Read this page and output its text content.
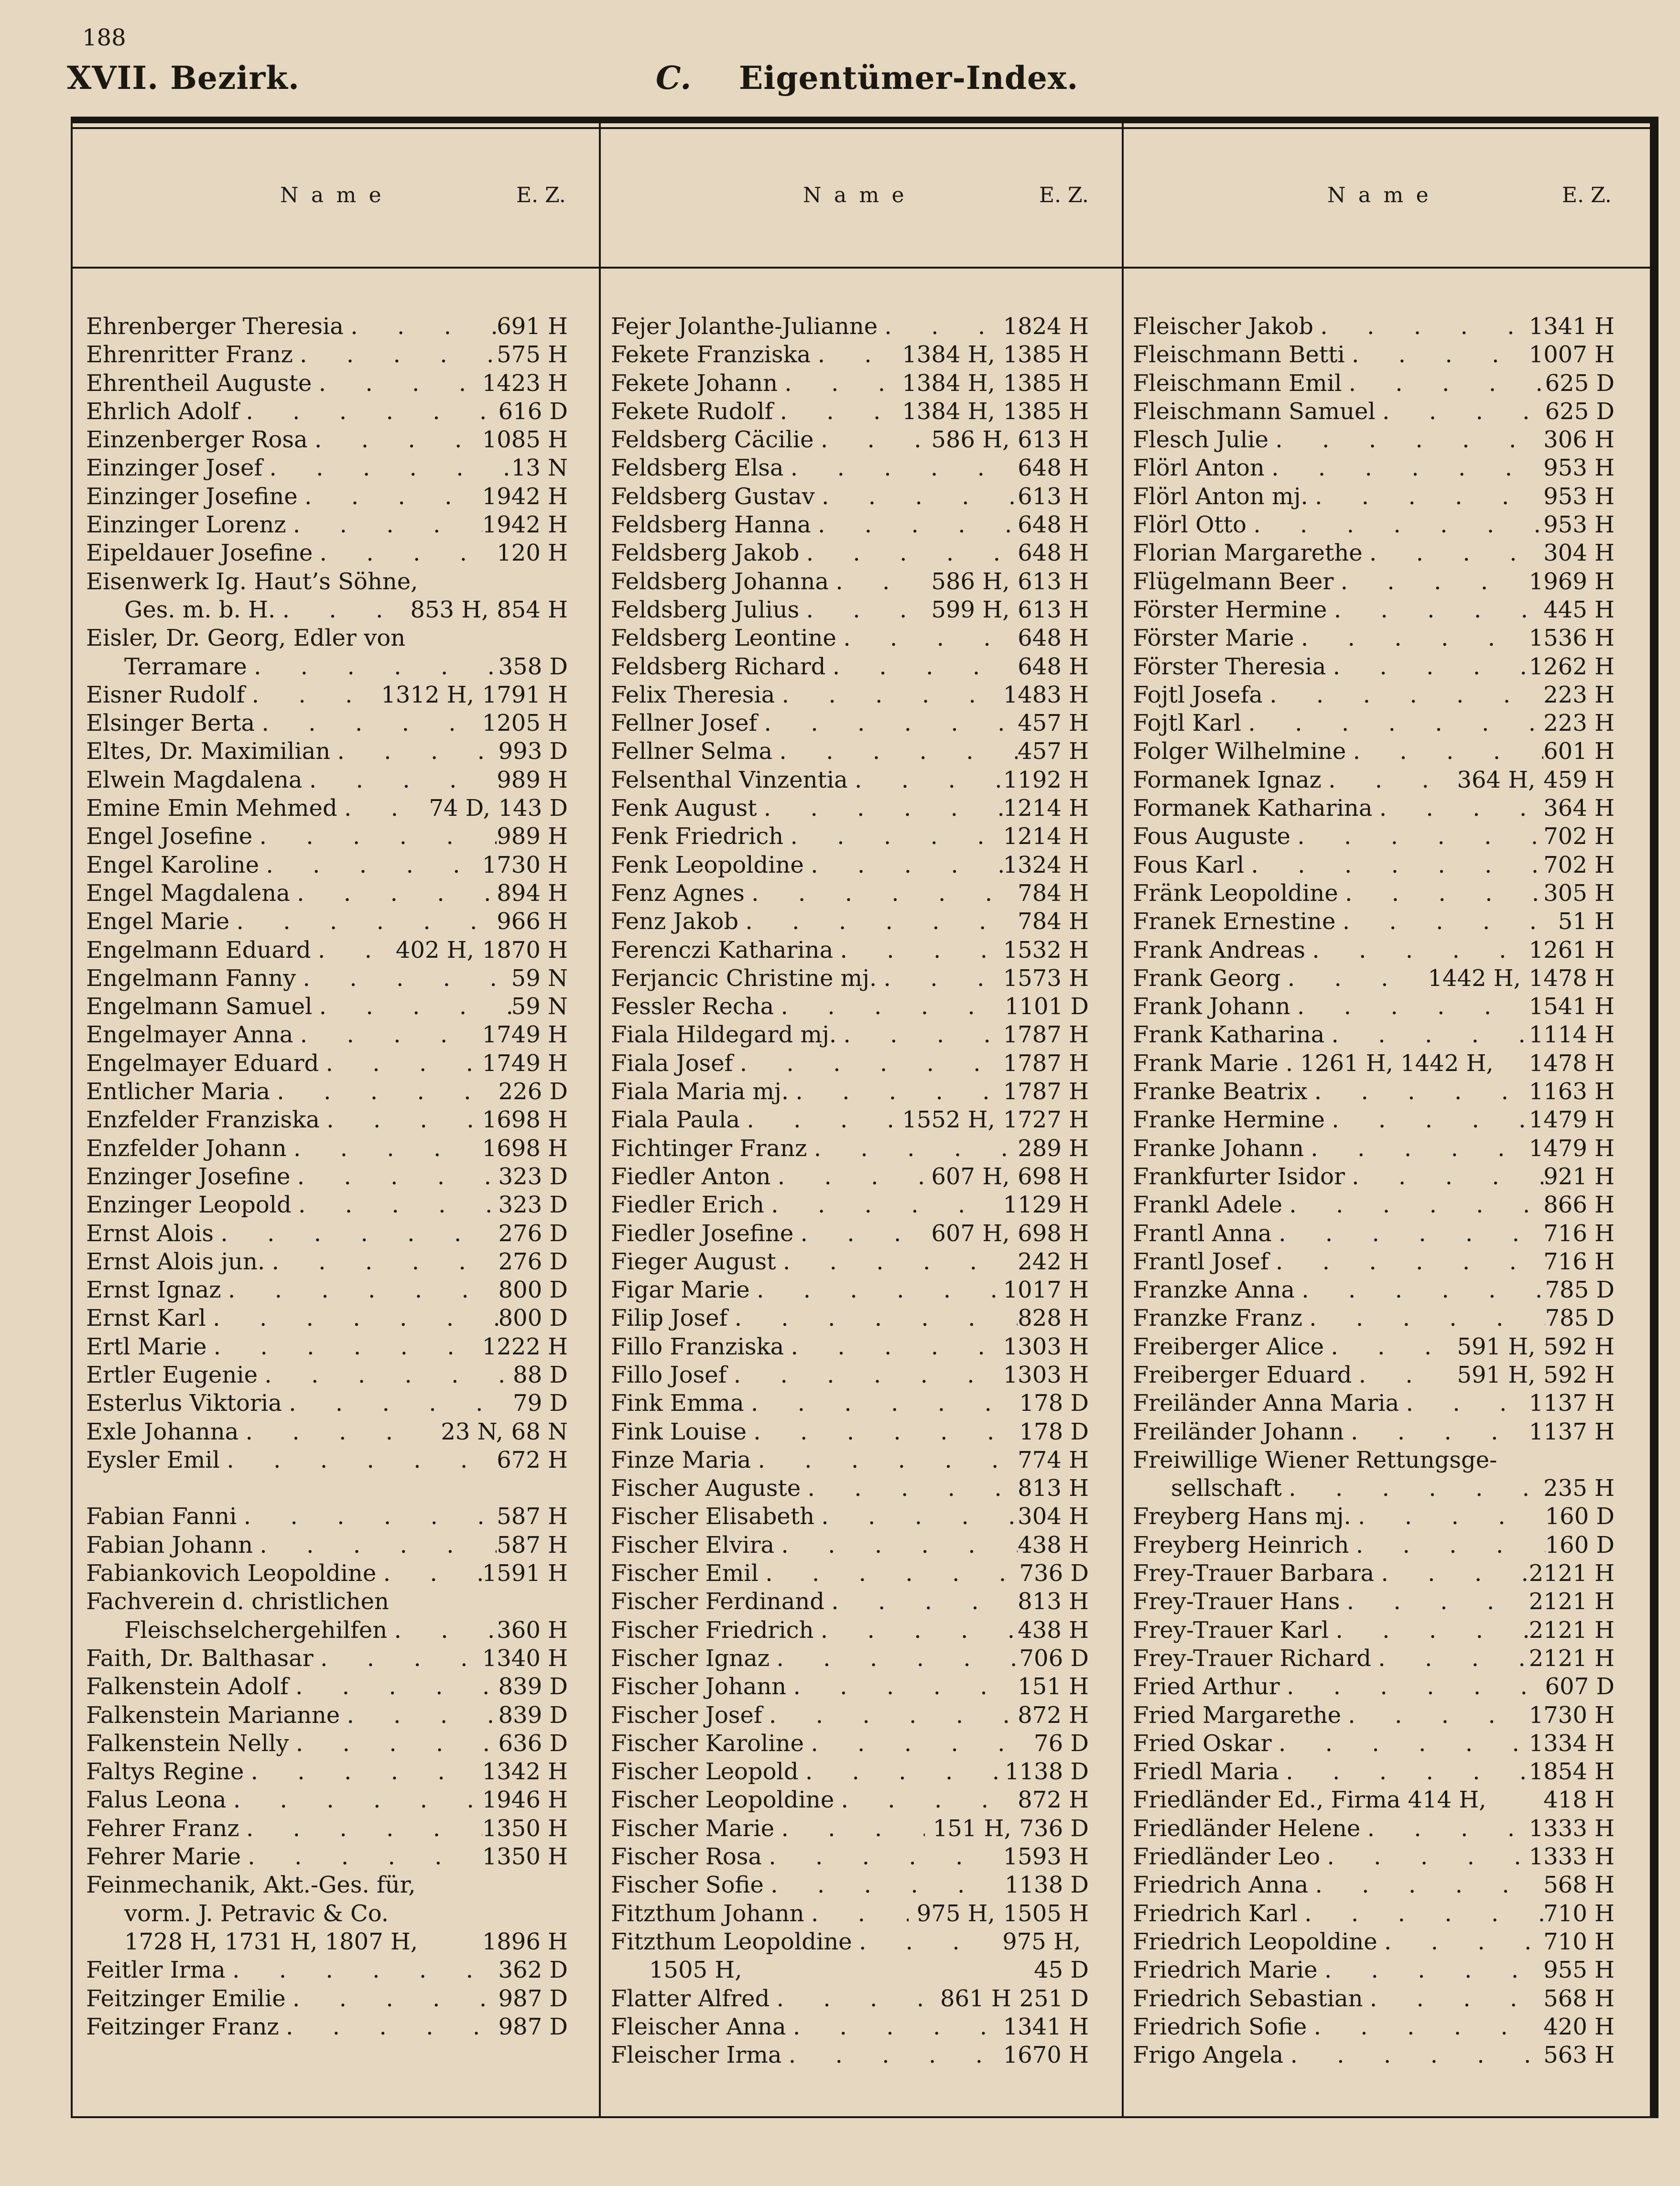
188
XVII. Bezirk.	C. Eigentümer-Index.
Name	E. Z.	Name	E. Z.	Name	E. Z.
Ehrenberger Theresia . . .	691 H
Ehrenritter Franz . . .	575 H
Ehrentheil Auguste . . .	1423 H
Ehrlich Adolf . . .	616 D
Einzenberger Rosa . . .	1085 H
Einzinger Josef . . .	13 N
Einzinger Josefine . . .	1942 H
Einzinger Lorenz . . .	1942 H
Eipeldauer Josefine . . .	120 H
Eisenwerk Ig. Haut’s Söhne,
Ges. m. b. H. . . .	853 H, 854 H
Eisler, Dr. Georg, Edler von
Terramare . . .	358 D
Eisner Rudolf . . .	1312 H, 1791 H
Elsinger Berta . . .	1205 H
Eltes, Dr. Maximilian . . .	993 D
Elwein Magdalena . . .	989 H
Emine Emin Mehmed . . .	74 D, 143 D
Engel Josefine . . .	989 H
Engel Karoline . . .	1730 H
Engel Magdalena . . .	894 H
Engel Marie . . .	966 H
Engelmann Eduard . . .	402 H, 1870 H
Engelmann Fanny . . .	59 N
Engelmann Samuel . . .	59 N
Engelmayer Anna . . .	1749 H
Engelmayer Eduard . . .	1749 H
Entlicher Maria . . .	226 D
Enzfelder Franziska . . .	1698 H
Enzfelder Johann . . .	1698 H
Enzinger Josefine . . .	323 D
Enzinger Leopold . . .	323 D
Ernst Alois . . .	276 D
Ernst Alois jun. . . .	276 D
Ernst Ignaz . . .	800 D
Ernst Karl . . .	800 D
Ertl Marie . . .	1222 H
Ertler Eugenie . . .	88 D
Esterlus Viktoria . . .	79 D
Exle Johanna . . .	23 N, 68 N
Eysler Emil . . .	672 H
Fabian Fanni . . .	587 H
Fabian Johann . . .	587 H
Fabiankovich Leopoldine . . .	1591 H
Fachverein d. christlichen
Fleischselchergehilfen . . .	360 H
Faith, Dr. Balthasar . . .	1340 H
Falkenstein Adolf . . .	839 D
Falkenstein Marianne . . .	839 D
Falkenstein Nelly . . .	636 D
Faltys Regine . . .	1342 H
Falus Leona . . .	1946 H
Fehrer Franz . . .	1350 H
Fehrer Marie . . .	1350 H
Feinmechanik, Akt.-Ges. für,
vorm. J. Petravic & Co.
1728 H, 1731 H, 1807 H,	1896 H
Feitler Irma . . .	362 D
Feitzinger Emilie . . .	987 D
Feitzinger Franz . . .	987 D
Fejer Jolanthe-Julianne . . .	1824 H
Fekete Franziska . . .	1384 H, 1385 H
Fekete Johann . . .	1384 H, 1385 H
Fekete Rudolf . . .	1384 H, 1385 H
Feldsberg Cäcilie . . .	586 H, 613 H
Feldsberg Elsa . . .	648 H
Feldsberg Gustav . . .	613 H
Feldsberg Hanna . . .	648 H
Feldsberg Jakob . . .	648 H
Feldsberg Johanna . . .	586 H, 613 H
Feldsberg Julius . . .	599 H, 613 H
Feldsberg Leontine . . .	648 H
Feldsberg Richard . . .	648 H
Felix Theresia . . .	1483 H
Fellner Josef . . .	457 H
Fellner Selma . . .	457 H
Felsenthal Vinzentia . . .	1192 H
Fenk August . . .	1214 H
Fenk Friedrich . . .	1214 H
Fenk Leopoldine . . .	1324 H
Fenz Agnes . . .	784 H
Fenz Jakob . . .	784 H
Ferenczi Katharina . . .	1532 H
Ferjancic Christine mj. . . .	1573 H
Fessler Recha . . .	1101 D
Fiala Hildegard mj. . . .	1787 H
Fiala Josef . . .	1787 H
Fiala Maria mj. . . .	1787 H
Fiala Paula . . .	1552 H, 1727 H
Fichtinger Franz . . .	289 H
Fiedler Anton . . .	607 H, 698 H
Fiedler Erich . . .	1129 H
Fiedler Josefine . . .	607 H, 698 H
Fieger August . . .	242 H
Figar Marie . . .	1017 H
Filip Josef . . .	828 H
Fillo Franziska . . .	1303 H
Fillo Josef . . .	1303 H
Fink Emma . . .	178 D
Fink Louise . . .	178 D
Finze Maria . . .	774 H
Fischer Auguste . . .	813 H
Fischer Elisabeth . . .	304 H
Fischer Elvira . . .	438 H
Fischer Emil . . .	736 D
Fischer Ferdinand . . .	813 H
Fischer Friedrich . . .	438 H
Fischer Ignaz . . .	706 D
Fischer Johann . . .	151 H
Fischer Josef . . .	872 H
Fischer Karoline . . .	76 D
Fischer Leopold . . .	1138 D
Fischer Leopoldine . . .	872 H
Fischer Marie . . .	151 H, 736 D
Fischer Rosa . . .	1593 H
Fischer Sofie . . .	1138 D
Fitzthum Johann . . .	975 H, 1505 H
Fitzthum Leopoldine . . .	975 H,
1505 H,	45 D
Flatter Alfred . . .	861 H 251 D
Fleischer Anna . . .	1341 H
Fleischer Irma . . .	1670 H
Fleischer Jakob . . .	1341 H
Fleischmann Betti . . .	1007 H
Fleischmann Emil . . .	625 D
Fleischmann Samuel . . .	625 D
Flesch Julie . . .	306 H
Flörl Anton . . .	953 H
Flörl Anton mj. . . .	953 H
Flörl Otto . . .	953 H
Florian Margarethe . . .	304 H
Flügelmann Beer . . .	1969 H
Förster Hermine . . .	445 H
Förster Marie . . .	1536 H
Förster Theresia . . .	1262 H
Fojtl Josefa . . .	223 H
Fojtl Karl . . .	223 H
Folger Wilhelmine . . .	601 H
Formanek Ignaz . . .	364 H, 459 H
Formanek Katharina . . .	364 H
Fous Auguste . . .	702 H
Fous Karl . . .	702 H
Fränk Leopoldine . . .	305 H
Franek Ernestine . . .	51 H
Frank Andreas . . .	1261 H
Frank Georg . . .	1442 H, 1478 H
Frank Johann . . .	1541 H
Frank Katharina . . .	1114 H
Frank Marie . 1261 H, 1442 H, 1478 H
Franke Beatrix . . .	1163 H
Franke Hermine . . .	1479 H
Franke Johann . . .	1479 H
Frankfurter Isidor . . .	921 H
Frankl Adele . . .	866 H
Frantl Anna . . .	716 H
Frantl Josef . . .	716 H
Franzke Anna . . .	785 D
Franzke Franz . . .	785 D
Freiberger Alice . . .	591 H, 592 H
Freiberger Eduard . . .	591 H, 592 H
Freiländer Anna Maria . . .	1137 H
Freiländer Johann . . .	1137 H
Freiwillige Wiener Rettungsge-
sellschaft . . .	235 H
Freyberg Hans mj. . . .	160 D
Freyberg Heinrich . . .	160 D
Frey-Trauer Barbara . . .	2121 H
Frey-Trauer Hans . . .	2121 H
Frey-Trauer Karl . . .	2121 H
Frey-Trauer Richard . . .	2121 H
Fried Arthur . . .	607 D
Fried Margarethe . . .	1730 H
Fried Oskar . . .	1334 H
Friedl Maria . . .	1854 H
Friedländer Ed., Firma 414 H, 418 H
Friedländer Helene . . .	1333 H
Friedländer Leo . . .	1333 H
Friedrich Anna . . .	568 H
Friedrich Karl . . .	710 H
Friedrich Leopoldine . . .	710 H
Friedrich Marie . . .	955 H
Friedrich Sebastian . . .	568 H
Friedrich Sofie . . .	420 H
Frigo Angela . . .	563 H
